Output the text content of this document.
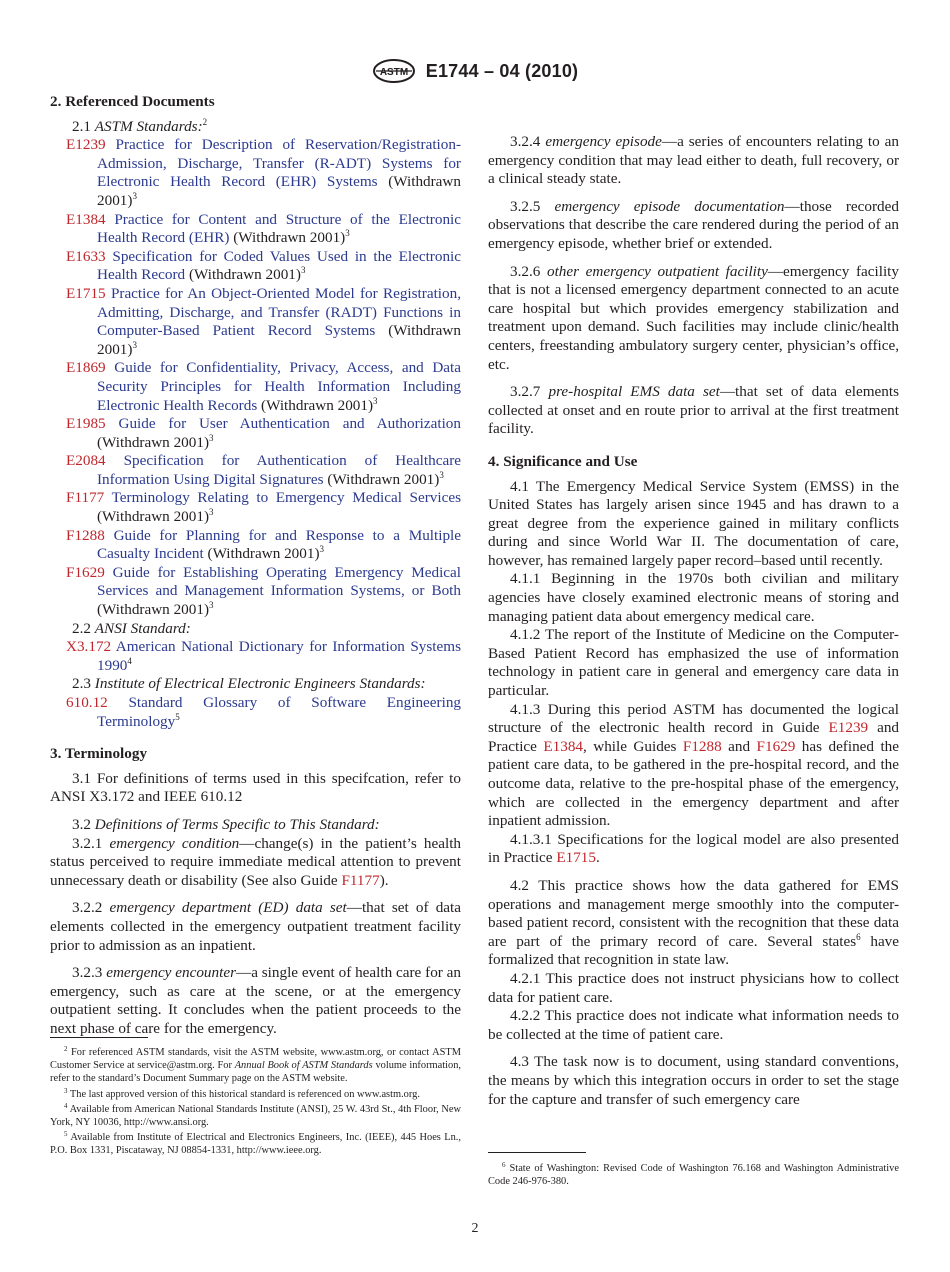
ASTM E1744 – 04 (2010)
2. Referenced Documents

2.1 ASTM Standards:$^2$

E1239 Practice for Description of Reservation/Registration-Admission, Discharge, Transfer (R-ADT) Systems for Electronic Health Record (EHR) Systems (Withdrawn 2001)$^3$

E1384 Practice for Content and Structure of the Electronic Health Record (EHR) (Withdrawn 2001)$^3$

E1633 Specification for Coded Values Used in the Electronic Health Record (Withdrawn 2001)$^3$

E1715 Practice for An Object-Oriented Model for Registration, Admitting, Discharge, and Transfer (RADT) Functions in Computer-Based Patient Record Systems (Withdrawn 2001)$^3$

E1869 Guide for Confidentiality, Privacy, Access, and Data Security Principles for Health Information Including Electronic Health Records (Withdrawn 2001)$^3$

E1985 Guide for User Authentication and Authorization (Withdrawn 2001)$^3$

E2084 Specification for Authentication of Healthcare Information Using Digital Signatures (Withdrawn 2001)$^3$

F1177 Terminology Relating to Emergency Medical Services (Withdrawn 2001)$^3$

F1288 Guide for Planning for and Response to a Multiple Casualty Incident (Withdrawn 2001)$^3$

F1629 Guide for Establishing Operating Emergency Medical Services and Management Information Systems, or Both (Withdrawn 2001)$^3$

2.2 ANSI Standard:

X3.172 American National Dictionary for Information Systems 1990$^4$

2.3 Institute of Electrical Electronic Engineers Standards:

610.12 Standard Glossary of Software Engineering Terminology$^5$

3. Terminology

3.1 For definitions of terms used in this specifcation, refer to ANSI X3.172 and IEEE 610.12

3.2 Definitions of Terms Specific to This Standard:

3.2.1 emergency condition—change(s) in the patient’s health status perceived to require immediate medical attention to prevent unnecessary death or disability (See also Guide F1177).

3.2.2 emergency department (ED) data set—that set of data elements collected in the emergency outpatient treatment facility prior to admission as an inpatient.

3.2.3 emergency encounter—a single event of health care for an emergency, such as care at the scene, or at the emergency outpatient setting. It concludes when the patient proceeds to the next phase of care for the emergency.

$^2$ For referenced ASTM standards, visit the ASTM website, www.astm.org, or contact ASTM Customer Service at service@astm.org. For Annual Book of ASTM Standards volume information, refer to the standard’s Document Summary page on the ASTM website.

$^3$ The last approved version of this historical standard is referenced on www.astm.org.

$^4$ Available from American National Standards Institute (ANSI), 25 W. 43rd St., 4th Floor, New York, NY 10036, http://www.ansi.org.

$^5$ Available from Institute of Electrical and Electronics Engineers, Inc. (IEEE), 445 Hoes Ln., P.O. Box 1331, Piscataway, NJ 08854-1331, http://www.ieee.org.

3.2.4 emergency episode—a series of encounters relating to an emergency condition that may lead either to death, full recovery, or a clinical steady state.

3.2.5 emergency episode documentation—those recorded observations that describe the care rendered during the period of an emergency episode, whether brief or extended.

3.2.6 other emergency outpatient facility—emergency facility that is not a licensed emergency department connected to an acute care hospital but which provides emergency stabilization and treatment upon demand. Such facilities may include clinic/health centers, freestanding ambulatory surgery center, physician’s office, etc.

3.2.7 pre-hospital EMS data set—that set of data elements collected at onset and en route prior to arrival at the first treatment facility.

4. Significance and Use

4.1 The Emergency Medical Service System (EMSS) in the United States has largely arisen since 1945 and has drawn to a great degree from the experience gained in military conflicts during and since World War II. The documentation of care, however, has remained largely paper record–based until recently.

4.1.1 Beginning in the 1970s both civilian and military agencies have closely examined electronic means of storing and managing patient data about emergency medical care.

4.1.2 The report of the Institute of Medicine on the Computer-Based Patient Record has emphasized the use of information technology in patient care in general and emergency care data in particular.

4.1.3 During this period ASTM has documented the logical structure of the electronic health record in Guide E1239 and Practice E1384, while Guides F1288 and F1629 has defined the patient care data, to be gathered in the pre-hospital record, and the outcome data, relative to the pre-hospital phase of the emergency, which are collected in the emergency department and after inpatient admission.

4.1.3.1 Specifications for the logical model are also presented in Practice E1715.

4.2 This practice shows how the data gathered for EMS operations and management merge smoothly into the computer-based patient record, consistent with the recognition that these data are part of the primary record of care. Several states$^6$ have formalized that recognition in state law.

4.2.1 This practice does not instruct physicians how to collect data for patient care.

4.2.2 This practice does not indicate what information needs to be collected at the time of patient care.

4.3 The task now is to document, using standard conventions, the means by which this integration occurs in order to set the stage for the capture and transfer of such emergency care

$^6$ State of Washington: Revised Code of Washington 76.168 and Washington Administrative Code 246-976-380.

2
